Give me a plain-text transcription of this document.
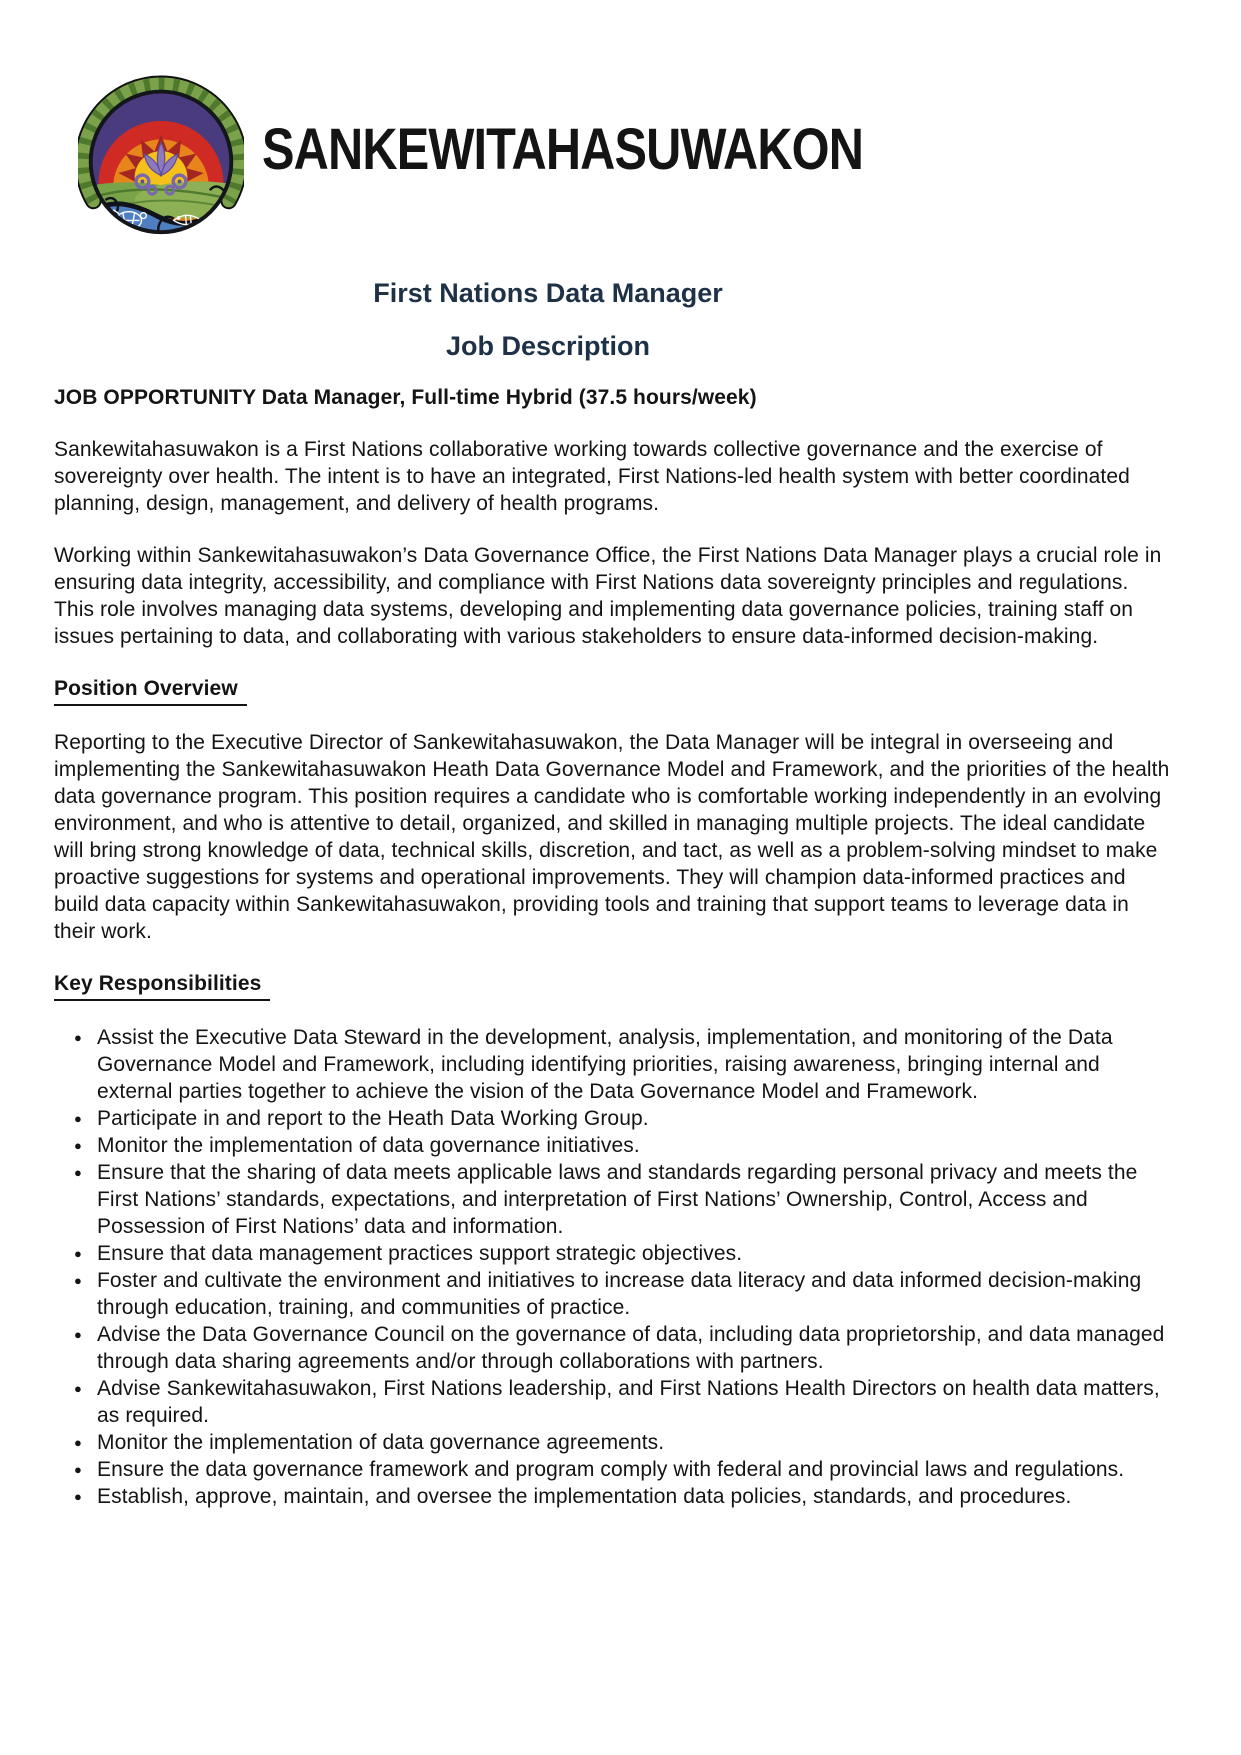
SANKEWITAHASUWAKON
First Nations Data Manager
Job Description
JOB OPPORTUNITY Data Manager, Full-time Hybrid (37.5 hours/week)

Sankewitahasuwakon is a First Nations collaborative working towards collective governance and the exercise of sovereignty over health. The intent is to have an integrated, First Nations-led health system with better coordinated planning, design, management, and delivery of health programs.

Working within Sankewitahasuwakon’s Data Governance Office, the First Nations Data Manager plays a crucial role in ensuring data integrity, accessibility, and compliance with First Nations data sovereignty principles and regulations. This role involves managing data systems, developing and implementing data governance policies, training staff on issues pertaining to data, and collaborating with various stakeholders to ensure data-informed decision-making.

Position Overview

Reporting to the Executive Director of Sankewitahasuwakon, the Data Manager will be integral in overseeing and implementing the Sankewitahasuwakon Heath Data Governance Model and Framework, and the priorities of the health data governance program. This position requires a candidate who is comfortable working independently in an evolving environment, and who is attentive to detail, organized, and skilled in managing multiple projects. The ideal candidate will bring strong knowledge of data, technical skills, discretion, and tact, as well as a problem-solving mindset to make proactive suggestions for systems and operational improvements. They will champion data-informed practices and build data capacity within Sankewitahasuwakon, providing tools and training that support teams to leverage data in their work.

Key Responsibilities
● Assist the Executive Data Steward in the development, analysis, implementation, and monitoring of the Data Governance Model and Framework, including identifying priorities, raising awareness, bringing internal and external parties together to achieve the vision of the Data Governance Model and Framework.
● Participate in and report to the Heath Data Working Group.
● Monitor the implementation of data governance initiatives.
● Ensure that the sharing of data meets applicable laws and standards regarding personal privacy and meets the First Nations’ standards, expectations, and interpretation of First Nations’ Ownership, Control, Access and Possession of First Nations’ data and information.
● Ensure that data management practices support strategic objectives.
● Foster and cultivate the environment and initiatives to increase data literacy and data informed decision-making through education, training, and communities of practice.
● Advise the Data Governance Council on the governance of data, including data proprietorship, and data managed through data sharing agreements and/or through collaborations with partners.
● Advise Sankewitahasuwakon, First Nations leadership, and First Nations Health Directors on health data matters, as required.
● Monitor the implementation of data governance agreements.
● Ensure the data governance framework and program comply with federal and provincial laws and regulations.
● Establish, approve, maintain, and oversee the implementation data policies, standards, and procedures.
